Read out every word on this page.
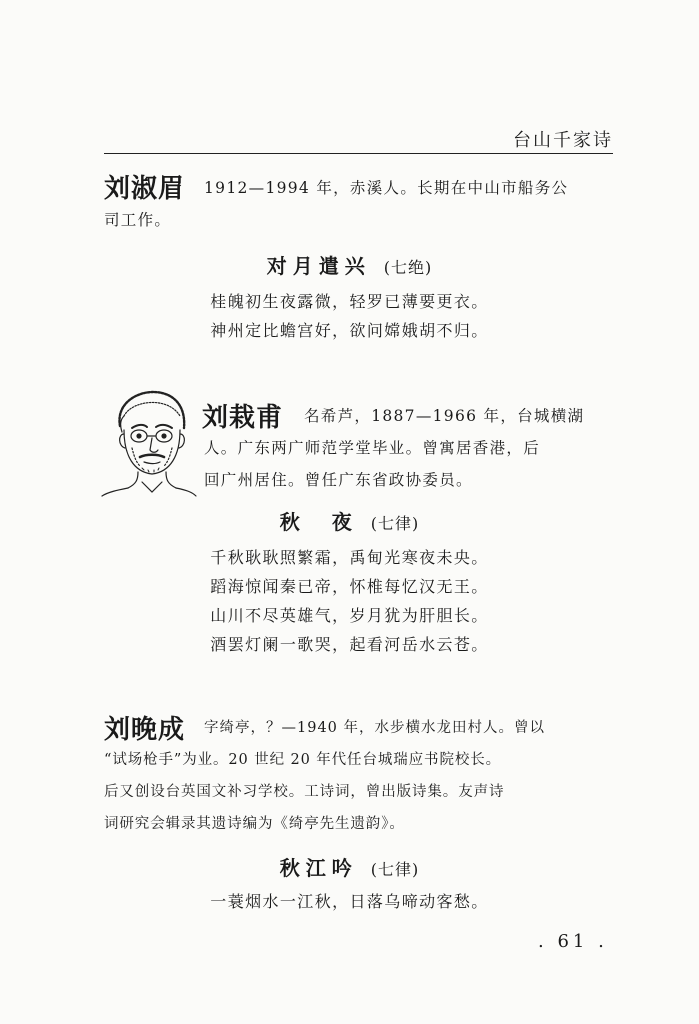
台山千家诗
刘淑眉 1912—1994 年，赤溪人。长期在中山市船务公
司工作。
对月遣兴 (七绝)
桂魄初生夜露微，轻罗已薄要更衣。
神州定比蟾宫好，欲问嫦娥胡不归。
刘栽甫 名希芦，1887—1966 年，台城横湖
人。广东两广师范学堂毕业。曾寓居香港，后
回广州居住。曾任广东省政协委员。
秋  夜 (七律)
千秋耿耿照繁霜，禹甸光寒夜未央。
蹈海惊闻秦已帝，怀椎每忆汉无王。
山川不尽英雄气，岁月犹为肝胆长。
酒罢灯阑一歌哭，起看河岳水云苍。
刘晚成 字绮亭，？—1940 年，水步横水龙田村人。曾以
“试场枪手”为业。20 世纪 20 年代任台城瑞应书院校长。
后又创设台英国文补习学校。工诗词，曾出版诗集。友声诗
词研究会辑录其遗诗编为《绮亭先生遗韵》。
秋江吟 (七律)
一蓑烟水一江秋，日落乌啼动客愁。
. 61 .
